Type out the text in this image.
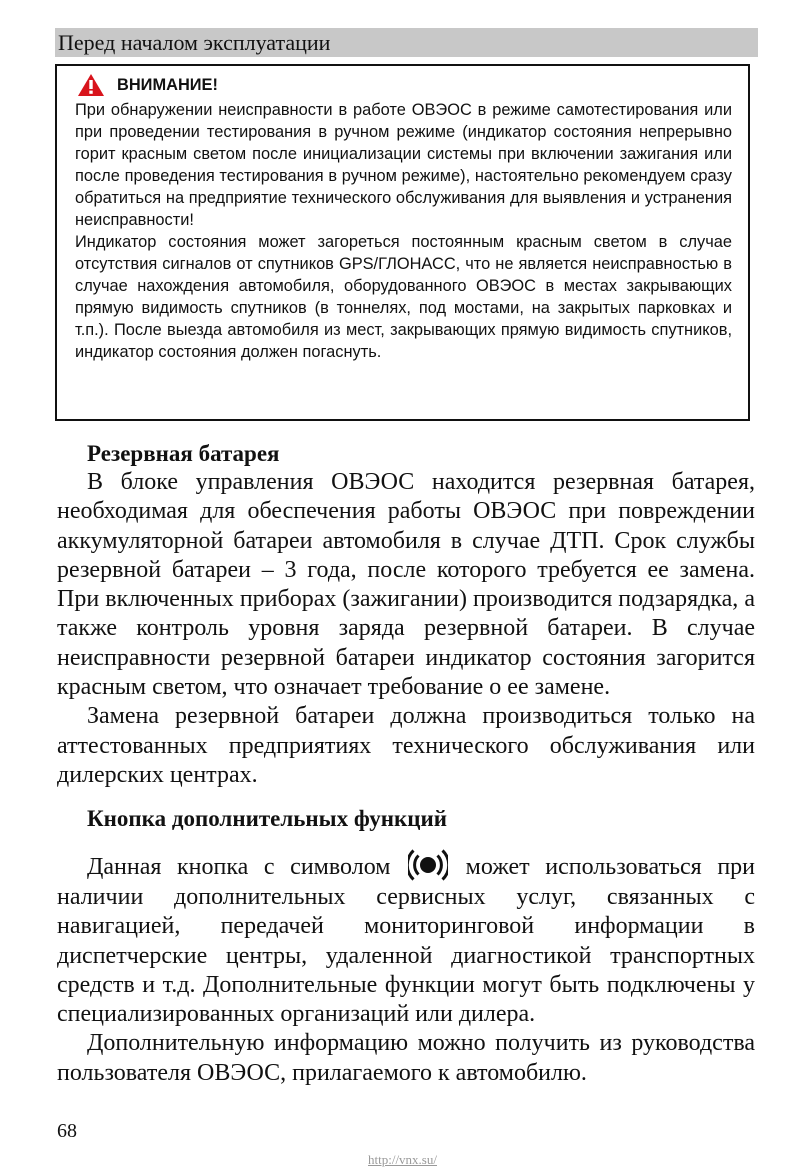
Перед началом эксплуатации
ВНИМАНИЕ!

При обнаружении неисправности в работе ОВЭОС в режиме самотестирования или при проведении тестирования в ручном режиме (индикатор состояния непрерывно горит красным светом после инициализации системы при включении зажигания или после проведения тестирования в ручном режиме), настоятельно рекомендуем сразу обратиться на предприятие технического обслуживания для выявления и устранения неисправности!

Индикатор состояния может загореться постоянным красным светом в случае отсутствия сигналов от спутников GPS/ГЛОНАСС, что не является неисправностью в случае нахождения автомобиля, оборудованного ОВЭОС в местах закрывающих прямую видимость спутников (в тоннелях, под мостами, на закрытых парковках и т.п.). После выезда автомобиля из мест, закрывающих прямую видимость спутников, индикатор состояния должен погаснуть.

Резервная батарея

В блоке управления ОВЭОС находится резервная батарея, необходимая для обеспечения работы ОВЭОС при повреждении аккумуляторной батареи автомобиля в случае ДТП. Срок службы резервной батареи – 3 года, после которого требуется ее замена. При включенных приборах (зажигании) производится подзарядка, а также контроль уровня заряда резервной батареи. В случае неисправности резервной батареи индикатор состояния загорится красным светом, что означает требование о ее замене.

Замена резервной батареи должна производиться только на аттестованных предприятиях технического обслуживания или дилерских центрах.

Кнопка дополнительных функций

Данная кнопка с символом	может использоваться при наличии дополнительных сервисных услуг, связанных с навигацией, передачей мониторинговой информации в диспетчерские центры, удаленной диагностикой транспортных средств и т.д. Дополнительные функции могут быть подключены у специализированных организаций или дилера.

Дополнительную информацию можно получить из руководства пользователя ОВЭОС, прилагаемого к автомобилю.

68
http://vnx.su/
